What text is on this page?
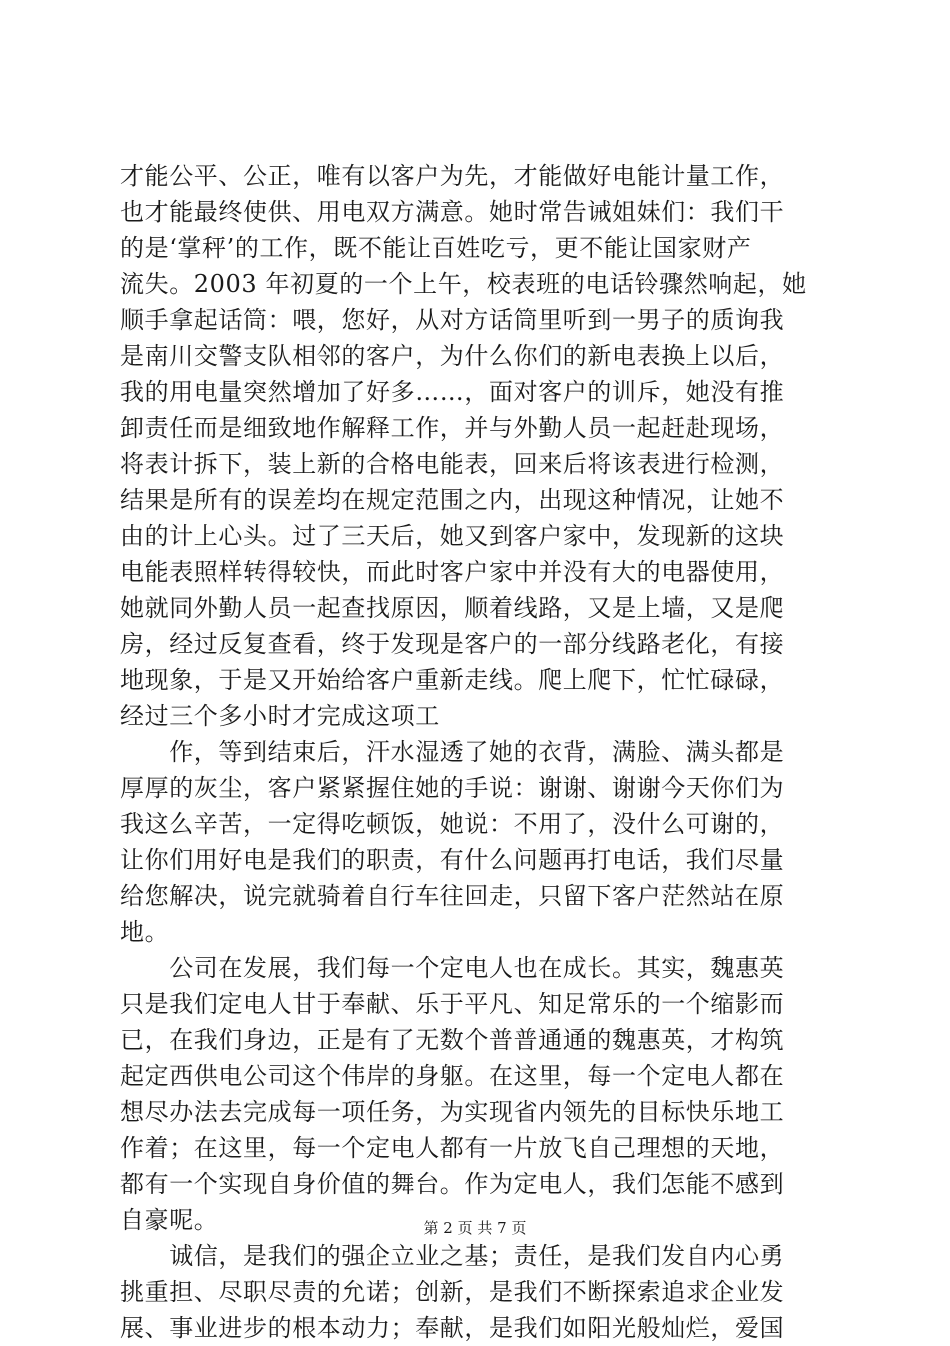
才能公平、公正，唯有以客户为先，才能做好电能计量工作，
也才能最终使供、用电双方满意。她时常告诫姐妹们：我们干
的是‘掌秤’的工作，既不能让百姓吃亏，更不能让国家财产
流失。2003 年初夏的一个上午，校表班的电话铃骤然响起，她
顺手拿起话筒：喂，您好，从对方话筒里听到一男子的质询我
是南川交警支队相邻的客户，为什么你们的新电表换上以后，
我的用电量突然增加了好多……，面对客户的训斥，她没有推
卸责任而是细致地作解释工作，并与外勤人员一起赶赴现场，
将表计拆下，装上新的合格电能表，回来后将该表进行检测，
结果是所有的误差均在规定范围之内，出现这种情况，让她不
由的计上心头。过了三天后，她又到客户家中，发现新的这块
电能表照样转得较快，而此时客户家中并没有大的电器使用，
她就同外勤人员一起查找原因，顺着线路，又是上墙，又是爬
房，经过反复查看，终于发现是客户的一部分线路老化，有接
地现象，于是又开始给客户重新走线。爬上爬下，忙忙碌碌，
经过三个多小时才完成这项工
　　作，等到结束后，汗水湿透了她的衣背，满脸、满头都是
厚厚的灰尘，客户紧紧握住她的手说：谢谢、谢谢今天你们为
我这么辛苦，一定得吃顿饭，她说：不用了，没什么可谢的，
让你们用好电是我们的职责，有什么问题再打电话，我们尽量
给您解决，说完就骑着自行车往回走，只留下客户茫然站在原
地。
　　公司在发展，我们每一个定电人也在成长。其实，魏惠英
只是我们定电人甘于奉献、乐于平凡、知足常乐的一个缩影而
已，在我们身边，正是有了无数个普普通通的魏惠英，才构筑
起定西供电公司这个伟岸的身躯。在这里，每一个定电人都在
想尽办法去完成每一项任务，为实现省内领先的目标快乐地工
作着；在这里，每一个定电人都有一片放飞自己理想的天地，
都有一个实现自身价值的舞台。作为定电人，我们怎能不感到
自豪呢。
　　诚信，是我们的强企立业之基；责任，是我们发自内心勇
挑重担、尽职尽责的允诺；创新，是我们不断探索追求企业发
展、事业进步的根本动力；奉献，是我们如阳光般灿烂，爱国
第 2 页 共 7 页
